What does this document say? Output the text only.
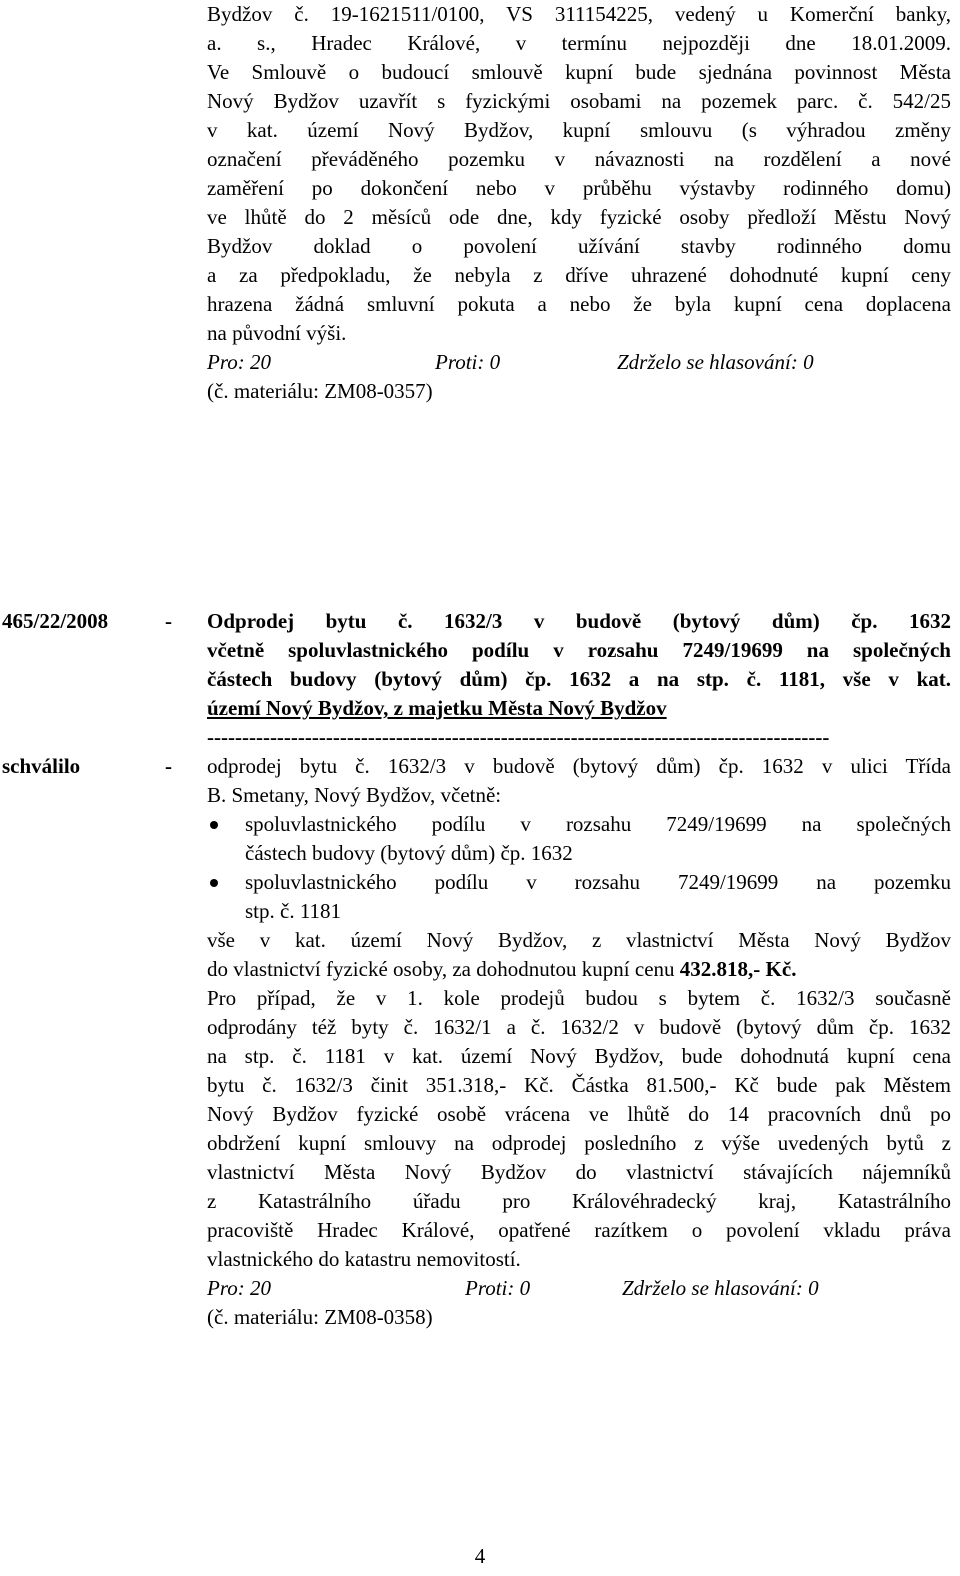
Bydžov č. 19-1621511/0100, VS 311154225, vedený u Komerční banky,
a. s., Hradec Králové, v termínu nejpozději dne 18.01.2009.
Ve Smlouvě o budoucí smlouvě kupní bude sjednána povinnost Města
Nový Bydžov uzavřít s fyzickými osobami na pozemek parc. č. 542/25
v kat. území Nový Bydžov, kupní smlouvu (s výhradou změny
označení převáděného pozemku v návaznosti na rozdělení a nové
zaměření po dokončení nebo v průběhu výstavby rodinného domu)
ve lhůtě do 2 měsíců ode dne, kdy fyzické osoby předloží Městu Nový
Bydžov doklad o povolení užívání stavby rodinného domu
a za předpokladu, že nebyla z dříve uhrazené dohodnuté kupní ceny
hrazena žádná smluvní pokuta a nebo že byla kupní cena doplacena
na původní výši.
Pro: 20	Proti: 0	Zdrželo se hlasování: 0
(č. materiálu: ZM08-0357)
465/22/2008	- Odprodej bytu č. 1632/3 v budově (bytový dům) čp. 1632
včetně spoluvlastnického podílu v rozsahu 7249/19699 na společných
částech budovy (bytový dům) čp. 1632 a na stp. č. 1181, vše v kat.
území Nový Bydžov, z majetku Města Nový Bydžov
-----------------------------------------------------------------------------------------
schválilo	- odprodej bytu č. 1632/3 v budově (bytový dům) čp. 1632 v ulici Třída
B. Smetany, Nový Bydžov, včetně:
spoluvlastnického podílu v rozsahu 7249/19699 na společných
částech budovy (bytový dům) čp. 1632
spoluvlastnického podílu v rozsahu 7249/19699 na pozemku
stp. č. 1181
vše v kat. území Nový Bydžov, z vlastnictví Města Nový Bydžov
do vlastnictví fyzické osoby, za dohodnutou kupní cenu 432.818,- Kč.
Pro případ, že v 1. kole prodejů budou s bytem č. 1632/3 současně
odprodány též byty č. 1632/1 a č. 1632/2 v budově (bytový dům čp. 1632
na stp. č. 1181 v kat. území Nový Bydžov, bude dohodnutá kupní cena
bytu č. 1632/3 činit 351.318,- Kč. Částka 81.500,- Kč bude pak Městem
Nový Bydžov fyzické osobě vrácena ve lhůtě do 14 pracovních dnů po
obdržení kupní smlouvy na odprodej posledního z výše uvedených bytů z
vlastnictví Města Nový Bydžov do vlastnictví stávajících nájemníků
z Katastrálního úřadu pro Královéhradecký kraj, Katastrálního
pracoviště Hradec Králové, opatřené razítkem o povolení vkladu práva
vlastnického do katastru nemovitostí.
Pro: 20	Proti: 0	Zdrželo se hlasování: 0
(č. materiálu: ZM08-0358)
4
